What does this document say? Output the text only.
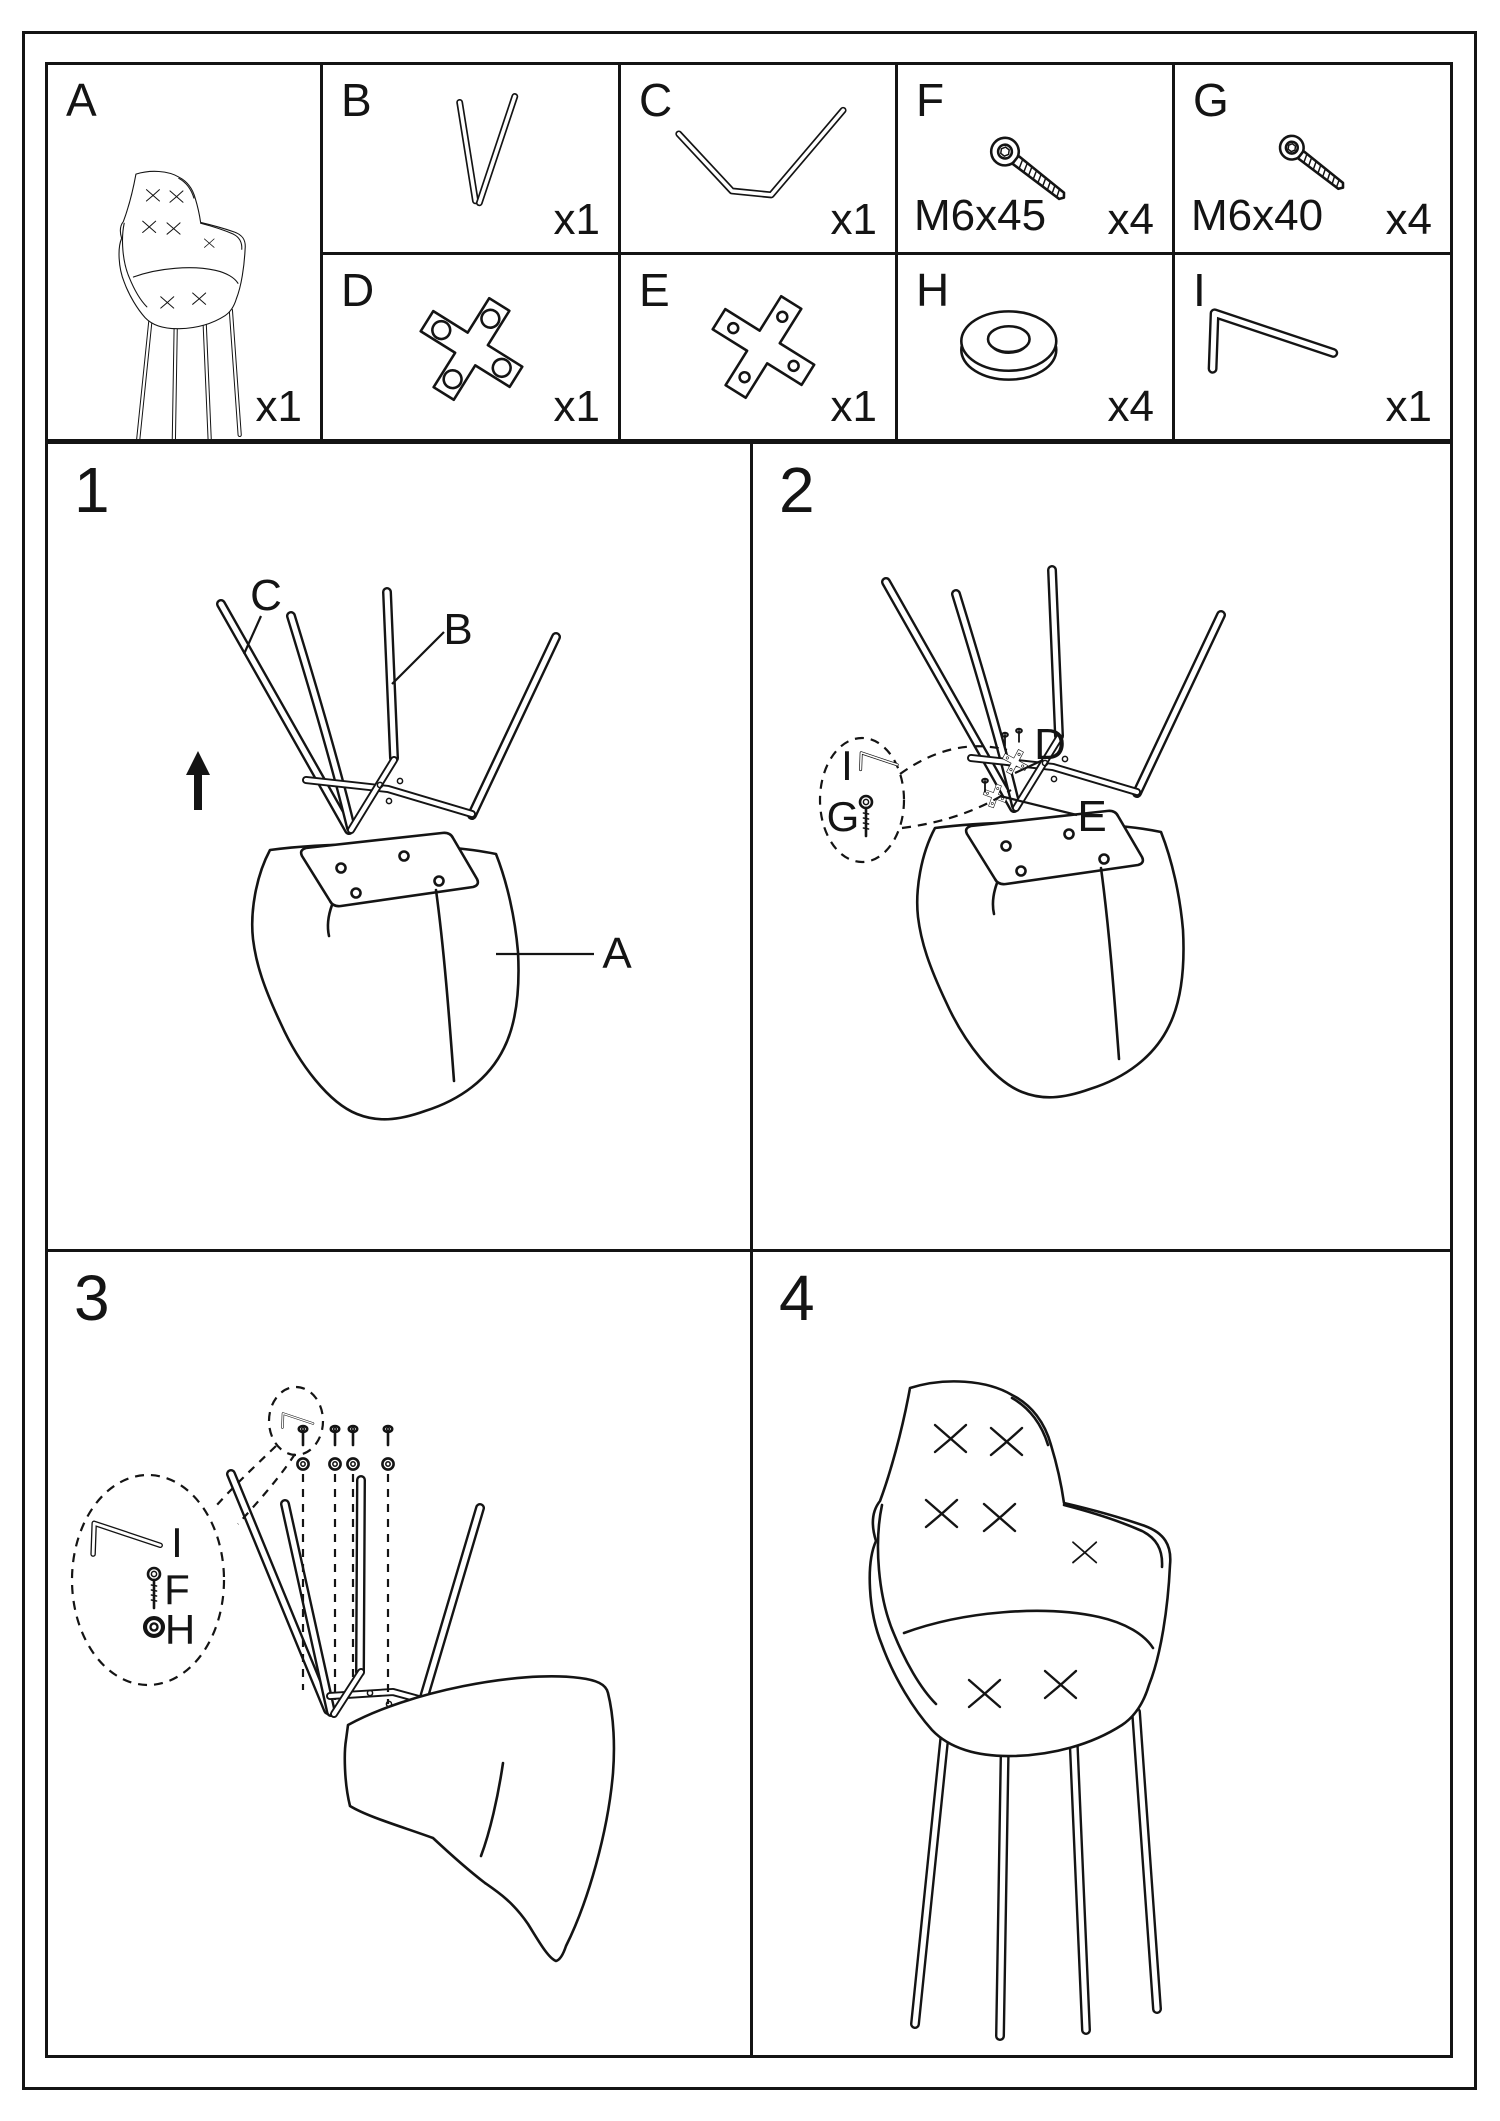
A
x1
B
x1
C
x1
F
M6x45 x4
G
M6x40 x4
D
x1
E
x1
H
x4
I
x1
1
C
B
A
2
I
G
D
E
3
I
F
H
4
